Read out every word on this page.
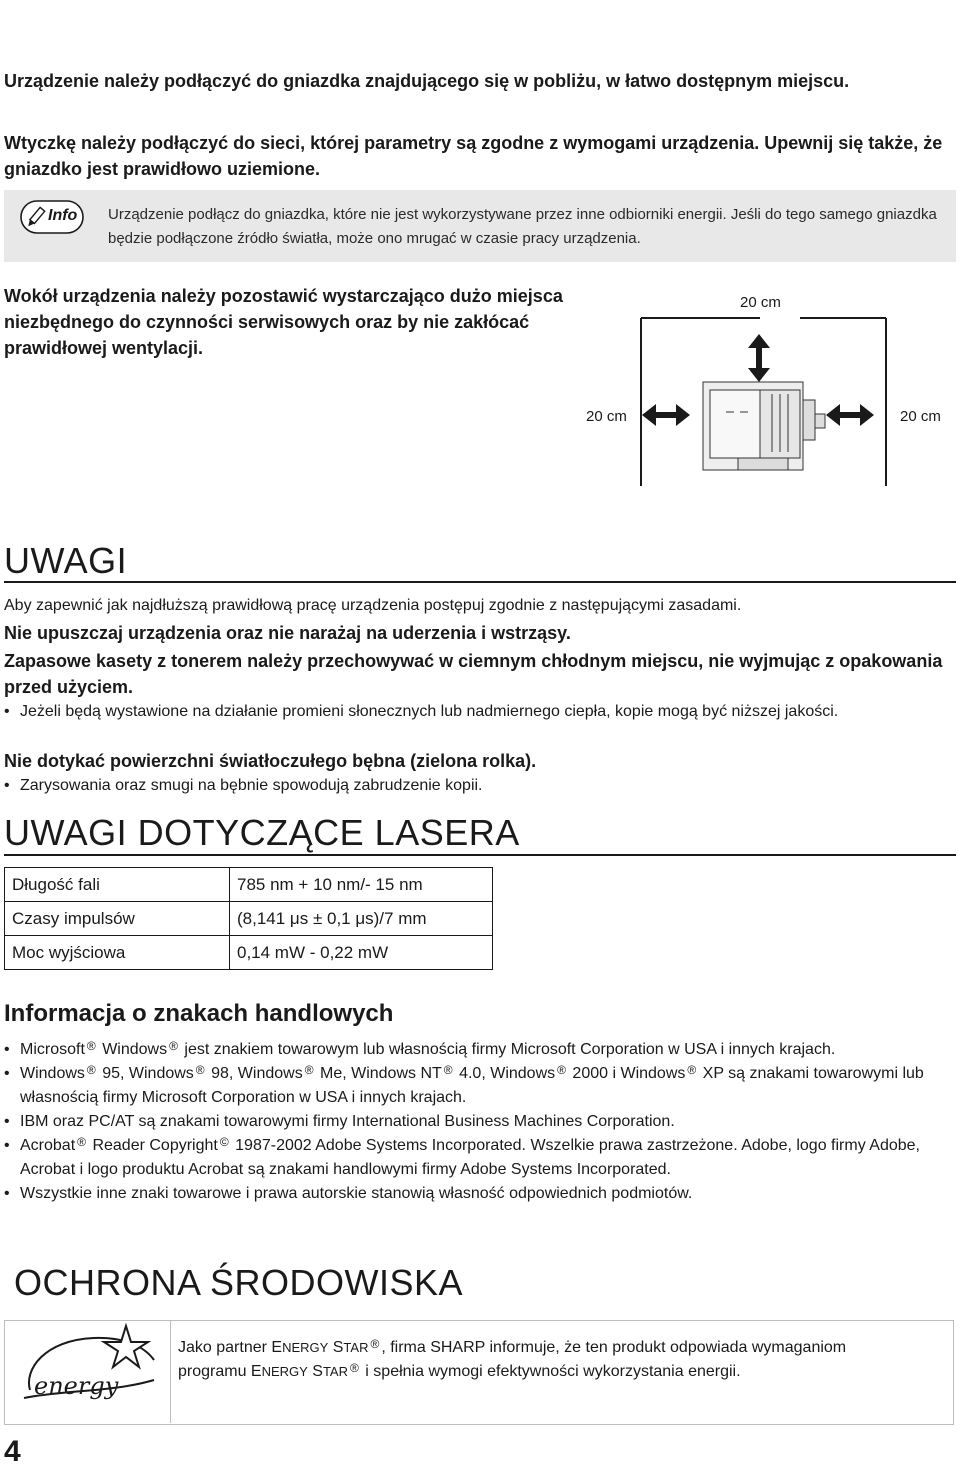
Urządzenie należy podłączyć do gniazdka znajdującego się w pobliżu, w łatwo dostępnym miejscu.
Wtyczkę należy podłączyć do sieci, której parametry są zgodne z wymogami urządzenia. Upewnij się także, że gniazdko jest prawidłowo uziemione.
Info Urządzenie podłącz do gniazdka, które nie jest wykorzystywane przez inne odbiorniki energii. Jeśli do tego samego gniazdka będzie podłączone źródło światła, może ono mrugać w czasie pracy urządzenia.
Wokół urządzenia należy pozostawić wystarczająco dużo miejsca niezbędnego do czynności serwisowych oraz by nie zakłócać prawidłowej wentylacji.
20 cm
20 cm	20 cm
UWAGI
Aby zapewnić jak najdłuższą prawidłową pracę urządzenia postępuj zgodnie z następującymi zasadami.
Nie upuszczaj urządzenia oraz nie narażaj na uderzenia i wstrząsy.
Zapasowe kasety z tonerem należy przechowywać w ciemnym chłodnym miejscu, nie wyjmując z opakowania przed użyciem.
• Jeżeli będą wystawione na działanie promieni słonecznych lub nadmiernego ciepła, kopie mogą być niższej jakości.
Nie dotykać powierzchni światłoczułego bębna (zielona rolka).
• Zarysowania oraz smugi na bębnie spowodują zabrudzenie kopii.
UWAGI DOTYCZĄCE LASERA
Długość fali	785 nm + 10 nm/- 15 nm
Czasy impulsów	(8,141 μs ± 0,1 μs)/7 mm
Moc wyjściowa	0,14 mW - 0,22 mW
Informacja o znakach handlowych
• Microsoft ® Windows ® jest znakiem towarowym lub własnością firmy Microsoft Corporation w USA i innych krajach.
• Windows ® 95, Windows ® 98, Windows ® Me, Windows NT ® 4.0, Windows ® 2000 i Windows ® XP są znakami towarowymi lub własnością firmy Microsoft Corporation w USA i innych krajach.
• IBM oraz PC/AT są znakami towarowymi firmy International Business Machines Corporation.
• Acrobat ® Reader Copyright © 1987-2002 Adobe Systems Incorporated. Wszelkie prawa zastrzeżone. Adobe, logo firmy Adobe, Acrobat i logo produktu Acrobat są znakami handlowymi firmy Adobe Systems Incorporated.
• Wszystkie inne znaki towarowe i prawa autorskie stanowią własność odpowiednich podmiotów.
OCHRONA ŚRODOWISKA
energy
Jako partner ENERGY STAR ® , firma SHARP informuje, że ten produkt odpowiada wymaganiom programu ENERGY STAR ® i spełnia wymogi efektywności wykorzystania energii.
4
